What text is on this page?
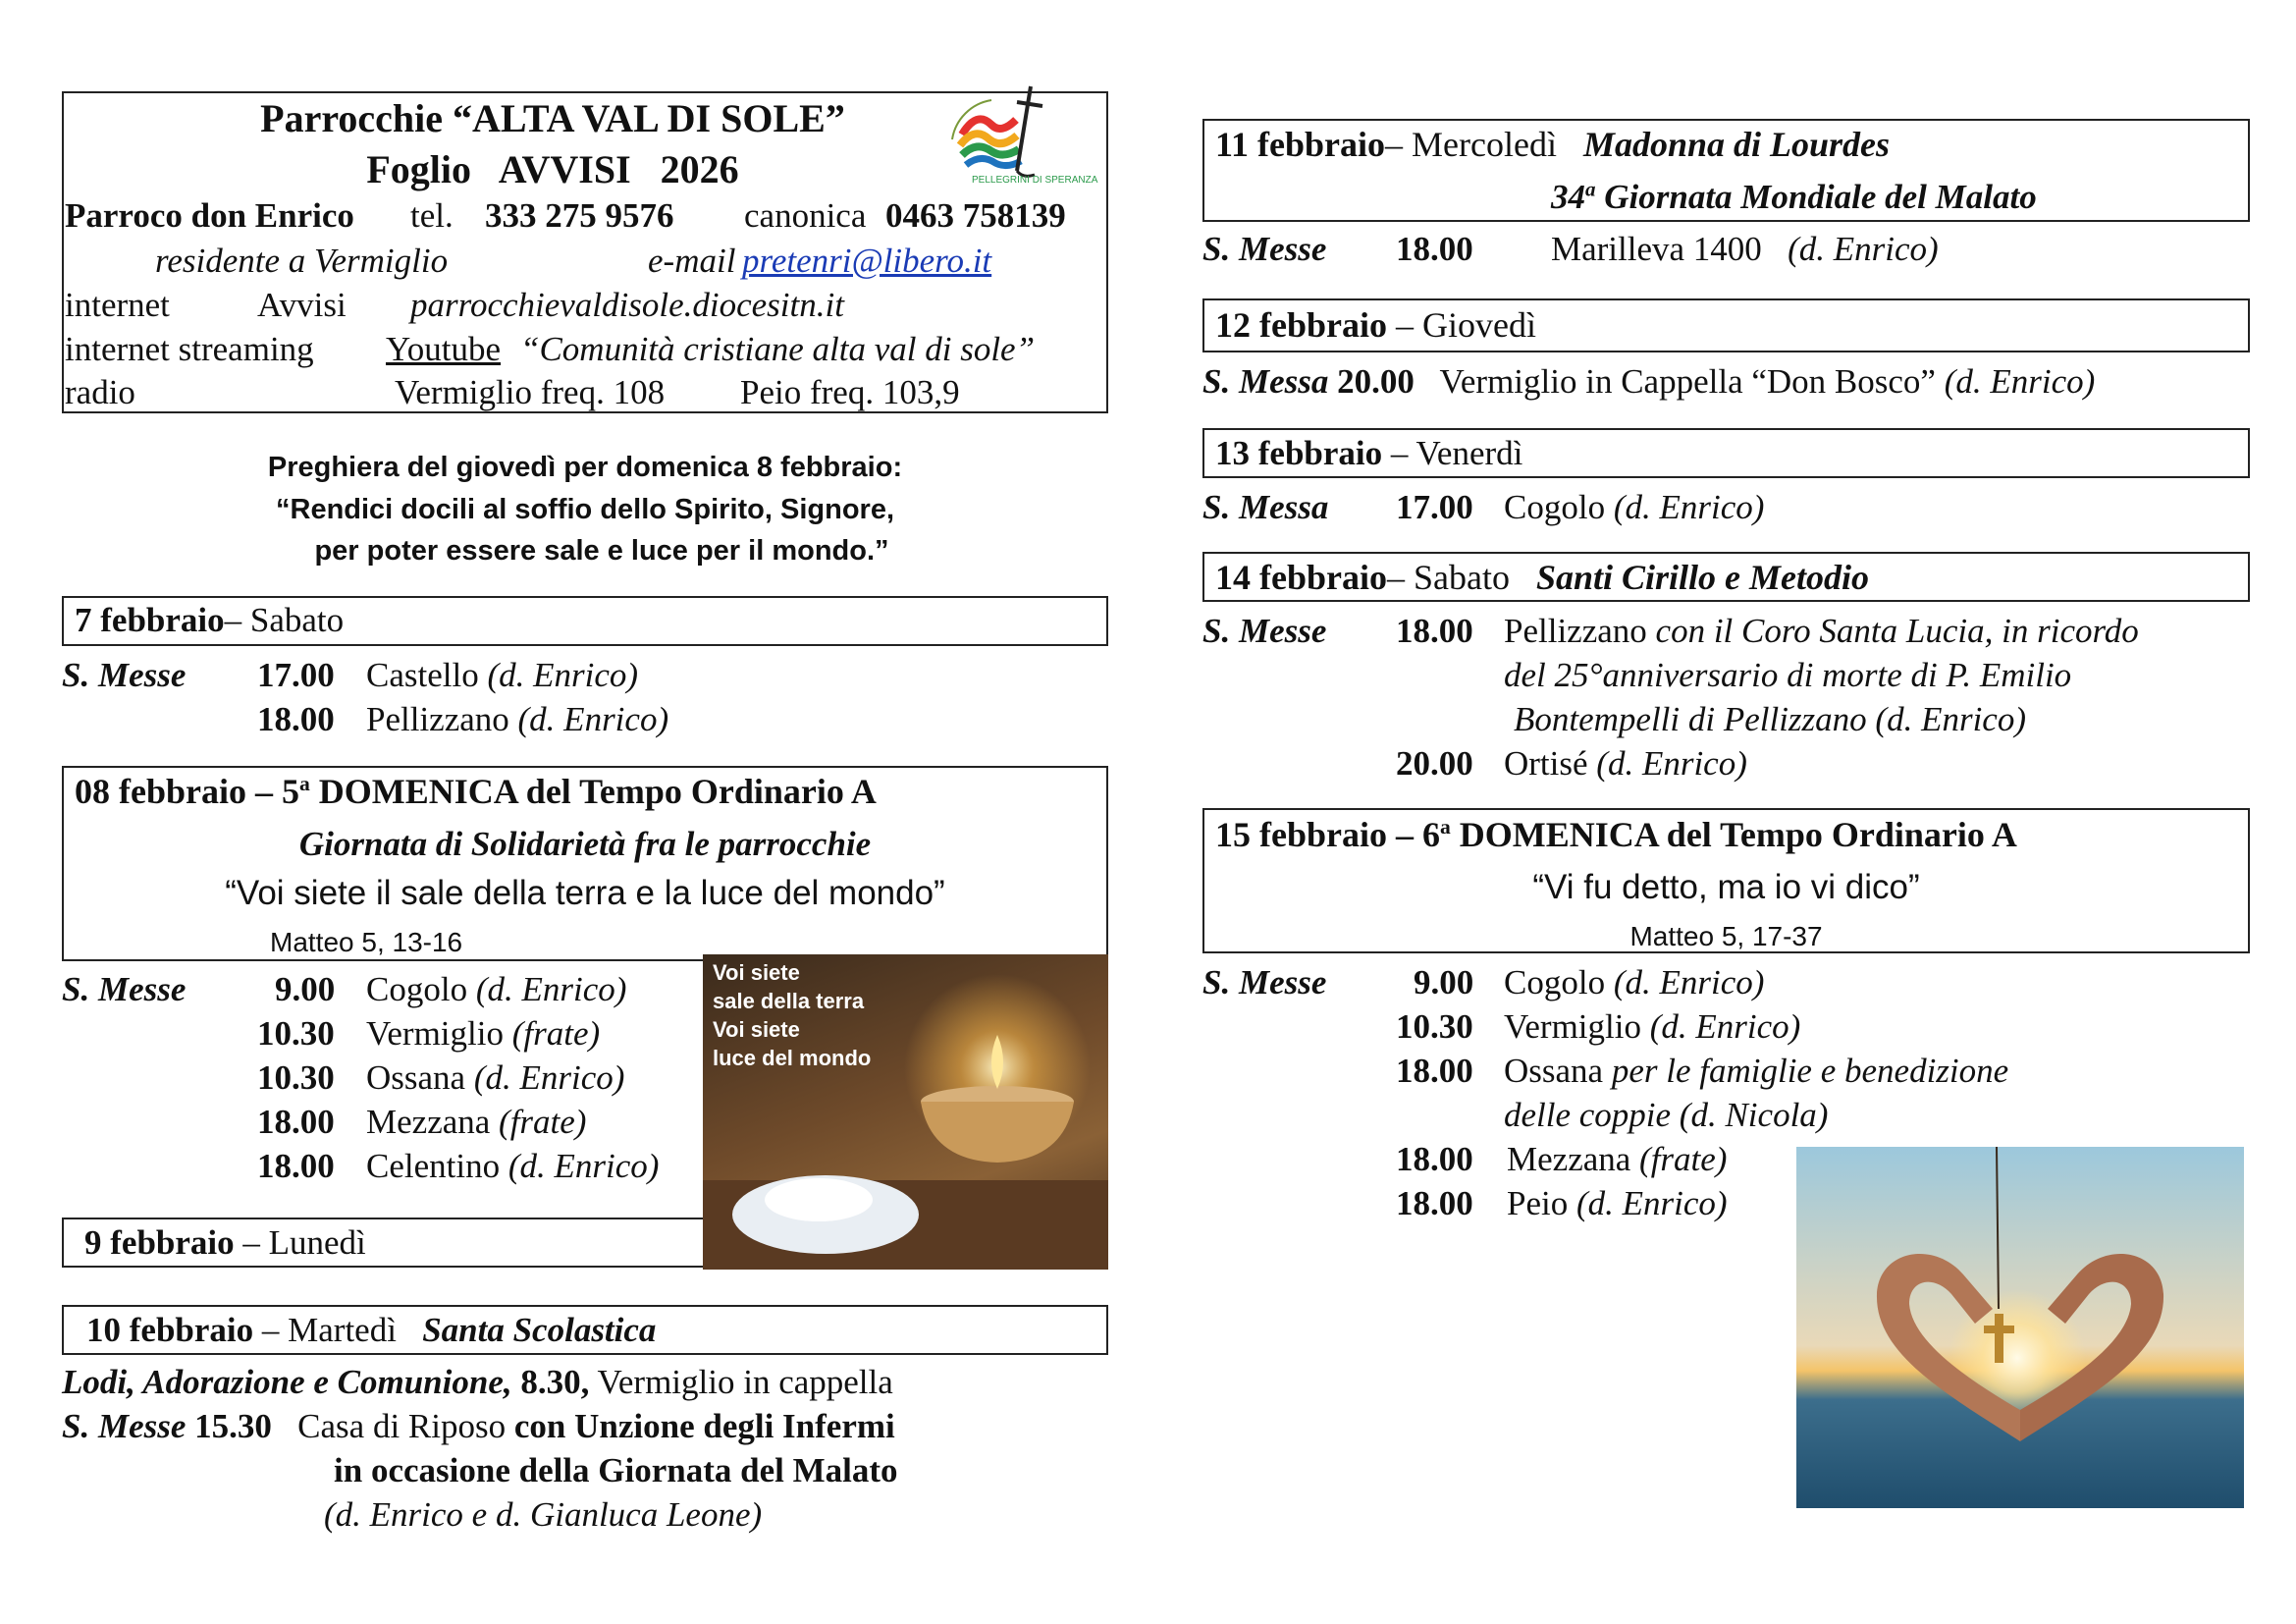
Parrocchie “ALTA VAL DI SOLE”
Foglio   AVVISI   2026	PELLEGRINI DI SPERANZA
Parroco don Enrico tel. 333 275 9576 canonica 0463 758139
residente a Vermiglio	e-mail pretenri@libero.it
internet	Avvisi parrocchievaldisole.diocesitn.it
internet streaming Youtube “Comunità cristiane alta val di sole”
radio	Vermiglio freq. 108 Peio freq. 103,9
Preghiera del giovedì per domenica 8 febbraio:
“Rendici docili al soffio dello Spirito, Signore,
per poter essere sale e luce per il mondo.”
7 febbraio– Sabato
S. Messe 17.00 Castello (d. Enrico)
18.00 Pellizzano (d. Enrico)
08 febbraio – 5$^a$ DOMENICA del Tempo Ordinario A
Giornata di Solidarietà fra le parrocchie
“Voi siete il sale della terra e la luce del mondo”
Matteo 5, 13-16
S. Messe	9.00 Cogolo (d. Enrico)
10.30 Vermiglio (frate)
10.30 Ossana (d. Enrico)
18.00 Mezzana (frate)
18.00 Celentino (d. Enrico)
9 febbraio – Lunedì
Voi siete
sale della terra
Voi siete
luce del mondo
10 febbraio – Martedì Santa Scolastica
Lodi, Adorazione e Comunione, 8.30, Vermiglio in cappella
S. Messe 15.30 Casa di Riposo con Unzione degli Infermi
in occasione della Giornata del Malato
(d. Enrico e d. Gianluca Leone)
11 febbraio– Mercoledì Madonna di Lourdes
34$^a$ Giornata Mondiale del Malato
S. Messe 18.00 Marilleva 1400 (d. Enrico)
12 febbraio – Giovedì
S. Messa 20.00 Vermiglio in Cappella “Don Bosco” (d. Enrico)
13 febbraio – Venerdì
S. Messa 17.00 Cogolo (d. Enrico)
14 febbraio– Sabato Santi Cirillo e Metodio
S. Messe 18.00 Pellizzano con il Coro Santa Lucia, in ricordo
del 25°anniversario di morte di P. Emilio
Bontempelli di Pellizzano (d. Enrico)
20.00 Ortisé (d. Enrico)
15 febbraio – 6$^a$ DOMENICA del Tempo Ordinario A
“Vi fu detto, ma io vi dico”
Matteo 5, 17-37
S. Messe	9.00 Cogolo (d. Enrico)
10.30 Vermiglio (d. Enrico)
18.00 Ossana per le famiglie e benedizione
delle coppie (d. Nicola)
18.00 Mezzana (frate)
18.00 Peio (d. Enrico)
